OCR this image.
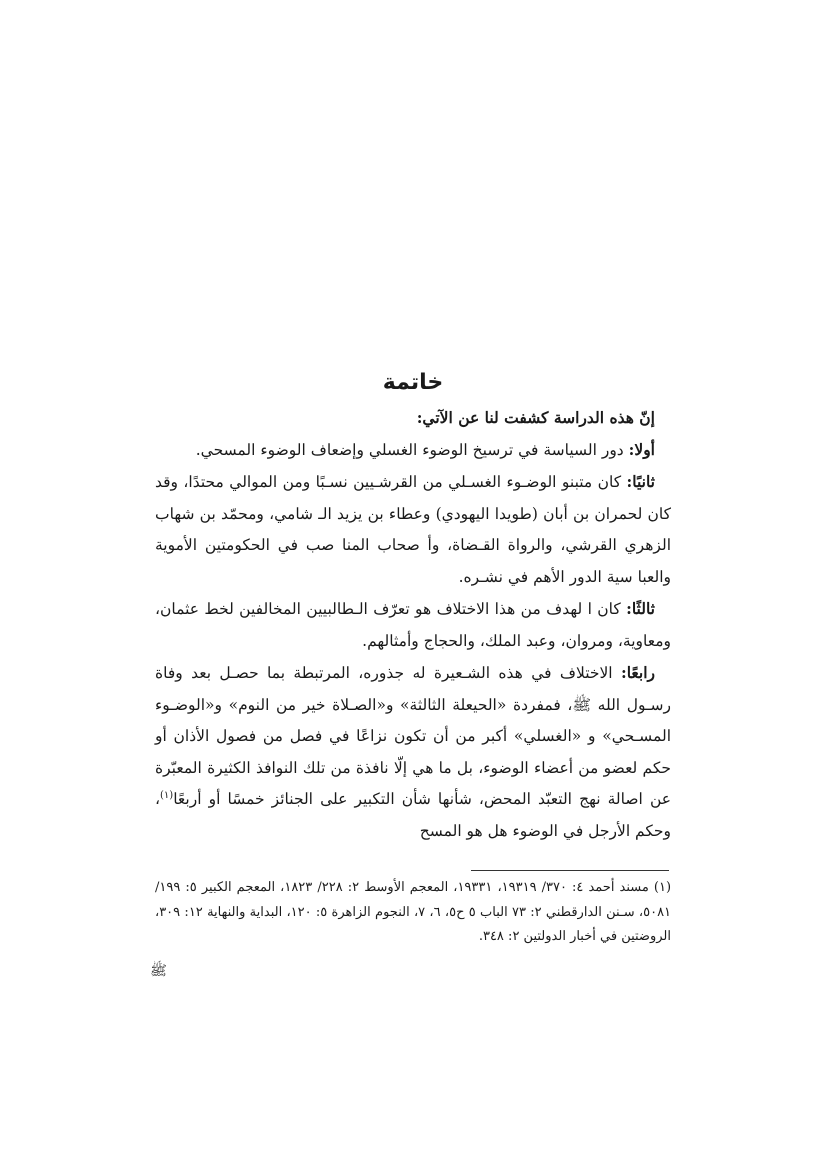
خاتمة

إنّ هذه الدراسة كشفت لنا عن الآتي:

أولا: دور السياسة في ترسيخ الوضوء الغسلي وإضعاف الوضوء المسحي.

ثانيًا: كان متبنو الوضـوء الغسـلي من القرشـيين نسـبًا ومن الموالي محتدًا، وقد كان لحمران بن أبان (طويدا اليهودي) وعطاء بن يزيد الـ شامي، ومحمّد بن شهاب الزهري القرشي، والرواة القـضاة، وأ صحاب المنا صب في الحكومتين الأموية والعبا سية الدور الأهم في نشـره.

ثالثًا: كان ا لهدف من هذا الاختلاف هو تعرّف الـطالبيين المخالفين لخط عثمان، ومعاوية، ومروان، وعبد الملك، والحجاج وأمثالهم.

رابعًا: الاختلاف في هذه الشـعيرة له جذوره، المرتبطة بما حصـل بعد وفاة رسـول الله ﷺ، فمفردة «الحيعلة الثالثة» و«الصـلاة خير من النوم» و«الوضـوء المسـحي» و «الغسلي» أكبر من أن تكون نزاعًا في فصل من فصول الأذان أو حكم لعضو من أعضاء الوضوء، بل ما هي إلّا نافذة من تلك النوافذ الكثيرة المعبّرة عن اصالة نهج التعبّد المحض، شأنها شأن التكبير على الجنائز خمسًا أو أربعًا$^{(١)}$، وحكم الأرجل في الوضوء هل هو المسح

(١) مسند أحمد ٤: ٣٧٠/ ١٩٣١٩، ١٩٣٣١، المعجم الأوسط ٢: ٢٢٨/ ١٨٢٣، المعجم الكبير ٥: ١٩٩/ ٥٠٨١، سـنن الدارقطني ٢: ٧٣ الباب ٥ ح٥، ٦، ٧، النجوم الزاهرة ٥: ١٢٠، البداية والنهاية ١٢: ٣٠٩، الروضتين في أخبار الدولتين ٢: ٣٤٨.

ﷺ
